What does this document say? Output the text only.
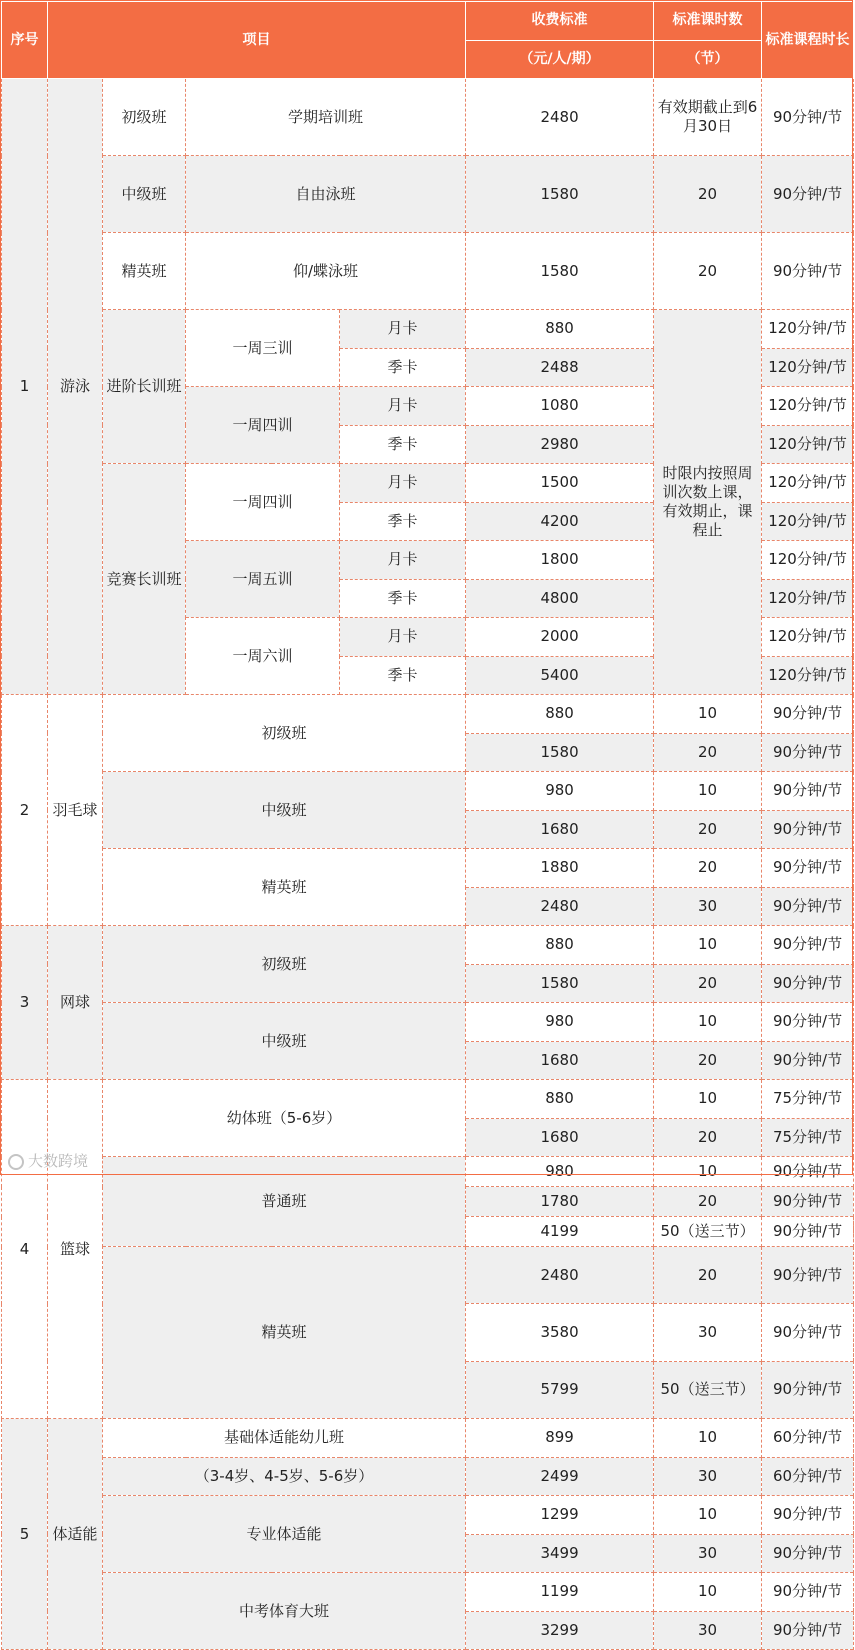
序号	项目				收费标准	标准课时数	标准课程时长	
					（元/人/期）	（节）		
1	游泳	初级班	学期培训班		2480	有效期截止到6月30日	90分钟/节	
		中级班	自由泳班		1580	20	90分钟/节	
		精英班	仰/蝶泳班		1580	20	90分钟/节	
		进阶长训班	一周三训	月卡	880	时限内按照周训次数上课，有效期止，课程止	120分钟/节	
				季卡	2488		120分钟/节	
			一周四训	月卡	1080		120分钟/节	
				季卡	2980		120分钟/节	
		竞赛长训班	一周四训	月卡	1500		120分钟/节	
				季卡	4200		120分钟/节	
			一周五训	月卡	1800		120分钟/节	
				季卡	4800		120分钟/节	
			一周六训	月卡	2000		120分钟/节	
				季卡	5400		120分钟/节	
2	羽毛球	初级班			880	10	90分钟/节	
					1580	20	90分钟/节	
		中级班			980	10	90分钟/节	
					1680	20	90分钟/节	
		精英班			1880	20	90分钟/节	
					2480	30	90分钟/节	
3	网球	初级班			880	10	90分钟/节	
					1580	20	90分钟/节	
		中级班			980	10	90分钟/节	
					1680	20	90分钟/节	
4	篮球	幼体班（5-6岁）			880	10	75分钟/节	
					1680	20	75分钟/节	
		普通班			980	10	90分钟/节	
					1780	20	90分钟/节	
					4199	50（送三节）	90分钟/节	
		精英班			2480	20	90分钟/节	
					3580	30	90分钟/节	
					5799	50（送三节）	90分钟/节	
5	体适能	基础体适能幼儿班			899	10	60分钟/节	
		（3-4岁、4-5岁、5-6岁）			2499	30	60分钟/节	
		专业体适能			1299	10	90分钟/节	
					3499	30	90分钟/节	
		中考体育大班			1199	10	90分钟/节	
					3299	30	90分钟/节	
大数跨境
